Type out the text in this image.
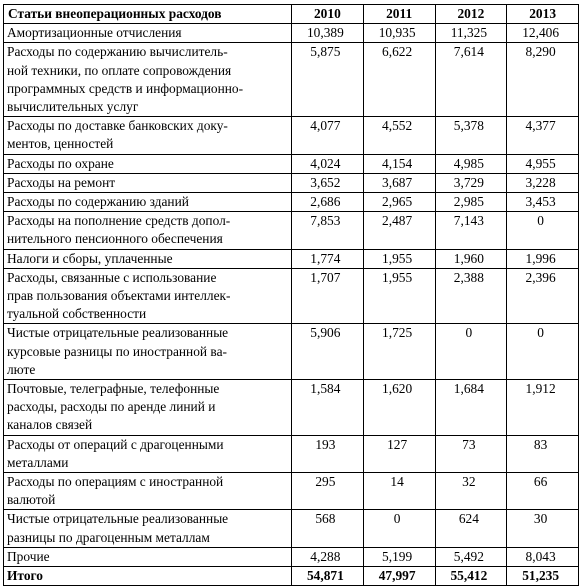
Статьи внеоперационных расходов	2010	2011	2012	2013
Амортизационные отчисления	10,389	10,935	11,325	12,406
Расходы по содержанию вычислитель-
ной техники, по оплате сопровождения
программных средств и информационно-
вычислительных услуг	5,875	6,622	7,614	8,290
Расходы по доставке банковских доку-
ментов, ценностей	4,077	4,552	5,378	4,377
Расходы по охране	4,024	4,154	4,985	4,955
Расходы на ремонт	3,652	3,687	3,729	3,228
Расходы по содержанию зданий	2,686	2,965	2,985	3,453
Расходы на пополнение средств допол-
нительного пенсионного обеспечения	7,853	2,487	7,143	0
Налоги и сборы, уплаченные	1,774	1,955	1,960	1,996
Расходы, связанные с использование
прав пользования объектами интеллек-
туальной собственности	1,707	1,955	2,388	2,396
Чистые отрицательные реализованные
курсовые разницы по иностранной ва-
люте	5,906	1,725	0	0
Почтовые, телеграфные, телефонные
расходы, расходы по аренде линий и
каналов связей	1,584	1,620	1,684	1,912
Расходы от операций с драгоценными
металлами	193	127	73	83
Расходы по операциям с иностранной
валютой	295	14	32	66
Чистые отрицательные реализованные
разницы по драгоценным металлам	568	0	624	30
Прочие	4,288	5,199	5,492	8,043
Итого	54,871	47,997	55,412	51,235
